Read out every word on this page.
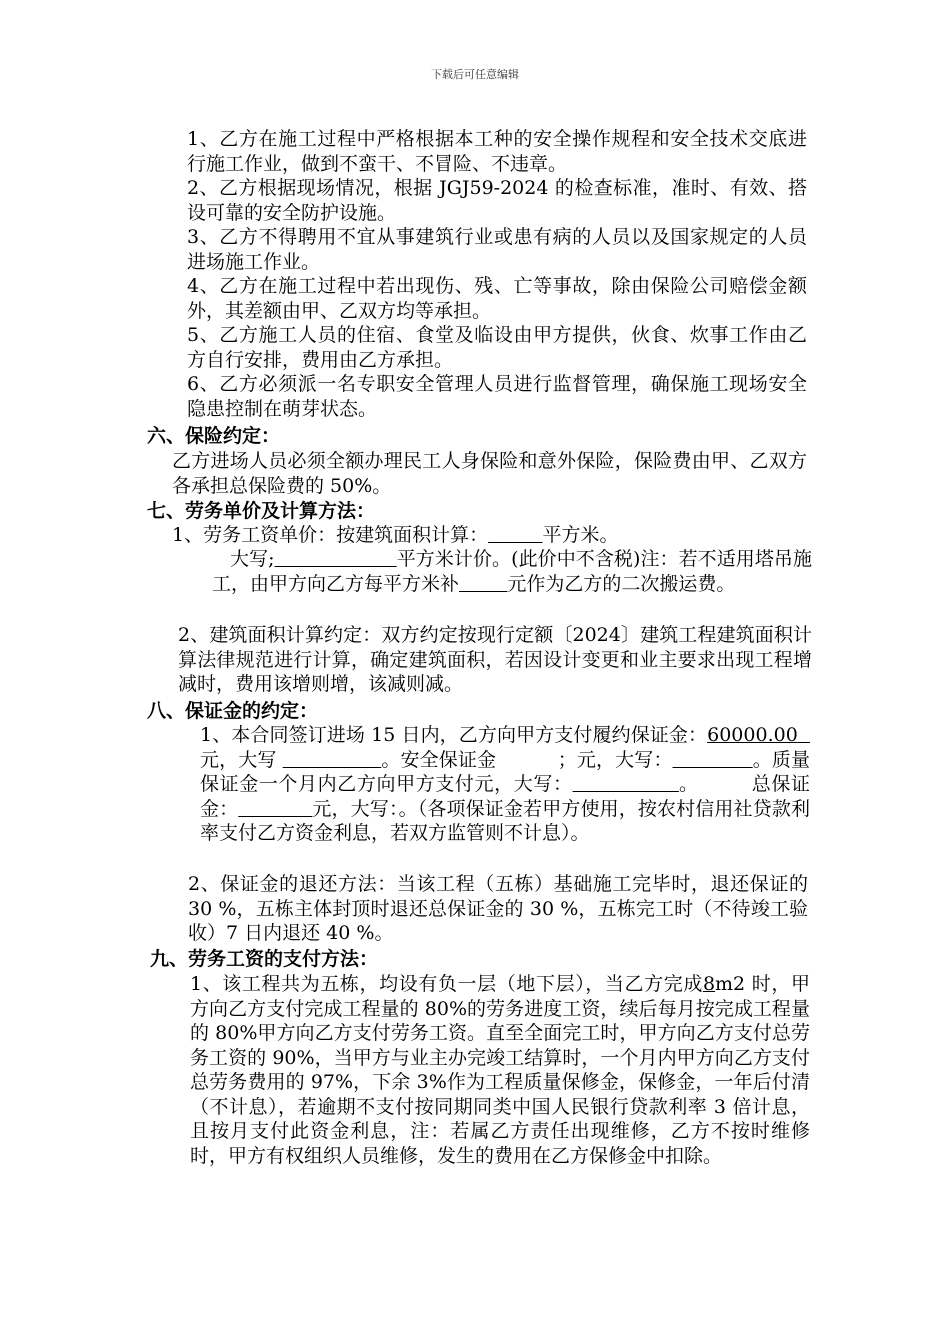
下载后可任意编辑
1、乙方在施工过程中严格根据本工种的安全操作规程和安全技术交底进行施工作业，做到不蛮干、不冒险、不违章。
2、乙方根据现场情况，根据 JGJ59-2024 的检查标准，准时、有效、搭设可靠的安全防护设施。
3、乙方不得聘用不宜从事建筑行业或患有病的人员以及国家规定的人员进场施工作业。
4、乙方在施工过程中若出现伤、残、亡等事故，除由保险公司赔偿金额外，其差额由甲、乙双方均等承担。
5、乙方施工人员的住宿、食堂及临设由甲方提供，伙食、炊事工作由乙方自行安排，费用由乙方承担。
6、乙方必须派一名专职安全管理人员进行监督管理，确保施工现场安全隐患控制在萌芽状态。
六、保险约定：
乙方进场人员必须全额办理民工人身保险和意外保险，保险费由甲、乙双方各承担总保险费的 50%。
七、劳务单价及计算方法：
1、劳务工资单价：按建筑面积计算：	平方米。
大写;	平方米计价。(此价中不含税)注：若不适用塔吊施工，由甲方向乙方每平方米补	元作为乙方的二次搬运费。
2、建筑面积计算约定：双方约定按现行定额〔2024〕建筑工程建筑面积计算法律规范进行计算，确定建筑面积，若因设计变更和业主要求出现工程增减时，费用该增则增，该减则减。
八、保证金的约定：
1、本合同签订进场 15 日内，乙方向甲方支付履约保证金：60000.00   元，大写	。安全保证金	；元，大写：	。质量保证金一个月内乙方向甲方支付元，大写：	。	总保证金：	元，大写：。（各项保证金若甲方使用，按农村信用社贷款利率支付乙方资金利息，若双方监管则不计息）。
2、保证金的退还方法：当该工程（五栋）基础施工完毕时，退还保证的 30 %，五栋主体封顶时退还总保证金的 30 %，五栋完工时（不待竣工验收）7 日内退还 40 %。
九、劳务工资的支付方法：
1、该工程共为五栋，均设有负一层（地下层），当乙方完成8m2 时，甲方向乙方支付完成工程量的 80%的劳务进度工资，续后每月按完成工程量的 80%甲方向乙方支付劳务工资。直至全面完工时，甲方向乙方支付总劳务工资的 90%，当甲方与业主办完竣工结算时，一个月内甲方向乙方支付总劳务费用的 97%，下余 3%作为工程质量保修金，保修金，一年后付清（不计息），若逾期不支付按同期同类中国人民银行贷款利率 3 倍计息，且按月支付此资金利息，注：若属乙方责任出现维修，乙方不按时维修时，甲方有权组织人员维修，发生的费用在乙方保修金中扣除。
